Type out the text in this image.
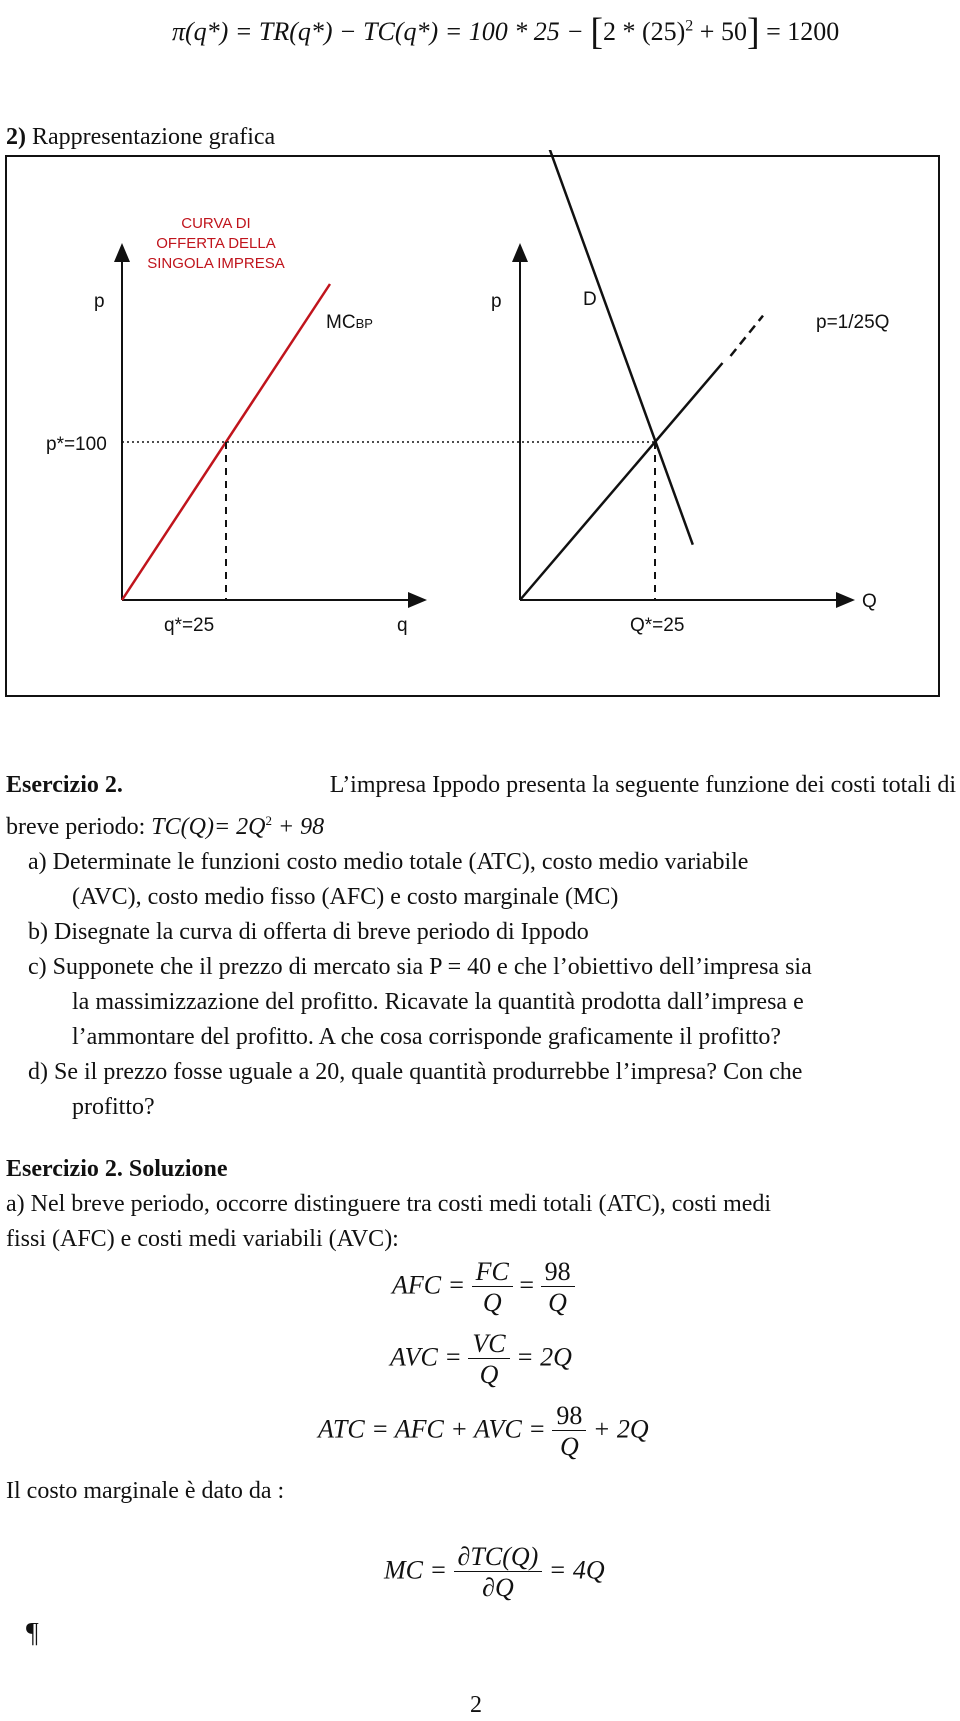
$\pi(q*) = TR(q*) - TC(q*) = 100 * 25 - [2 * (25)^2 + 50] = 1200$
2) Rappresentazione grafica
CURVA DI
OFFERTA DELLA
SINGOLA IMPRESA
p
MCBP
p*=100
q*=25	q
p	D
p=1/25Q
Q*=25
Q
Esercizio 2.	L’impresa Ippodo presenta la seguente funzione dei costi totali di
breve periodo: $TC(Q)= 2Q^2 + 98$
a) Determinate le funzioni costo medio totale (ATC), costo medio variabile
(AVC), costo medio fisso (AFC) e costo marginale (MC)
b) Disegnate la curva di offerta di breve periodo di Ippodo
c) Supponete che il prezzo di mercato sia P = 40 e che l’obiettivo dell’impresa sia
la massimizzazione del profitto. Ricavate la quantità prodotta dall’impresa e
l’ammontare del profitto. A che cosa corrisponde graficamente il profitto?
d) Se il prezzo fosse uguale a 20, quale quantità produrrebbe l’impresa? Con che
profitto?
Esercizio 2. Soluzione
a) Nel breve periodo, occorre distinguere tra costi medi totali (ATC), costi medi
fissi (AFC) e costi medi variabili (AVC):
AFC = $\frac{FC}{Q} = \frac{98}{Q}$
AVC = $\frac{VC}{Q} = 2Q$
ATC = AFC + AVC = $\frac{98}{Q} + 2Q$
Il costo marginale è dato da :
MC = $\frac{\partial TC(Q)}{\partial Q} = 4Q$
¶
2
